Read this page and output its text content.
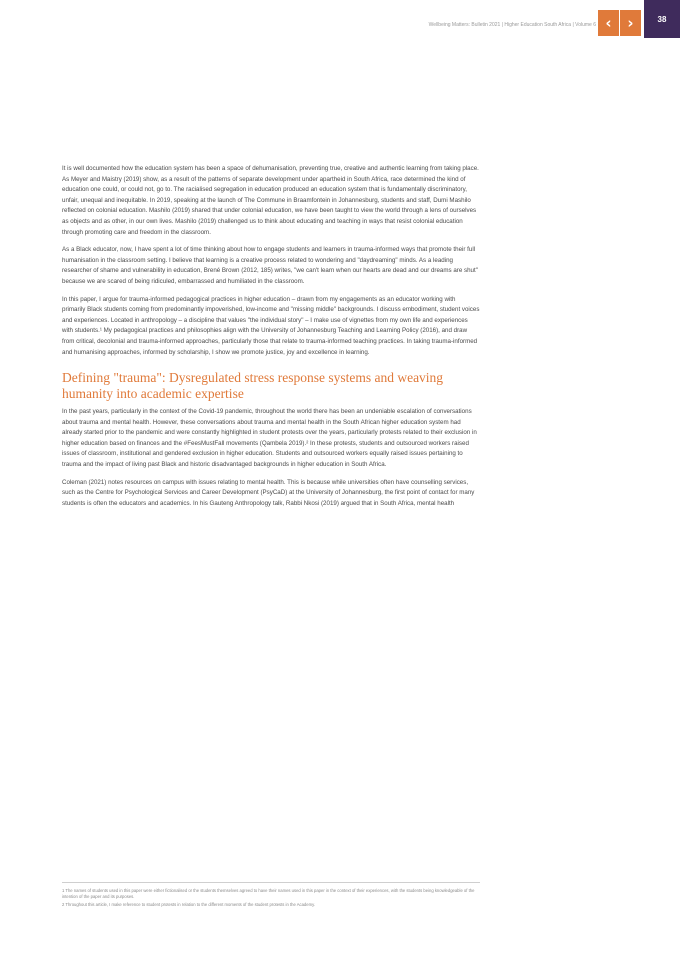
Wellbeing Matters: Bulletin 2021 | Higher Education South Africa | Volume 6 ‹ ›	38

It is well documented how the education system has been a space of dehumanisation, preventing true, creative and authentic learning from taking place. As Meyer and Maistry (2019) show, as a result of the patterns of separate development under apartheid in South Africa, race determined the kind of education one could, or could not, go to. The racialised segregation in education produced an education system that is fundamentally discriminatory, unfair, unequal and inequitable. In 2019, speaking at the launch of The Commune in Braamfontein in Johannesburg, students and staff, Dumi Mashilo reflected on colonial education. Mashilo (2019) shared that under colonial education, we have been taught to view the world through a lens of ourselves as objects and as other, in our own lives. Mashilo (2019) challenged us to think about educating and teaching in ways that resist colonial education through promoting care and freedom in the classroom.

As a Black educator, now, I have spent a lot of time thinking about how to engage students and learners in trauma-informed ways that promote their full humanisation in the classroom setting. I believe that learning is a creative process related to wondering and "daydreaming" minds. As a leading researcher of shame and vulnerability in education, Brené Brown (2012, 185) writes, "we can't learn when our hearts are dead and our dreams are shut" because we are scared of being ridiculed, embarrassed and humiliated in the classroom.

In this paper, I argue for trauma-informed pedagogical practices in higher education – drawn from my engagements as an educator working with primarily Black students coming from predominantly impoverished, low-income and "missing middle" backgrounds. I discuss embodiment, student voices and experiences. Located in anthropology – a discipline that values "the individual story" – I make use of vignettes from my own life and experiences with students.¹ My pedagogical practices and philosophies align with the University of Johannesburg Teaching and Learning Policy (2016), and draw from critical, decolonial and trauma-informed approaches, particularly those that relate to trauma-informed teaching practices. In taking trauma-informed and humanising approaches, informed by scholarship, I show we promote justice, joy and excellence in learning.

Defining "trauma": Dysregulated stress response systems and weaving humanity into academic expertise

In the past years, particularly in the context of the Covid-19 pandemic, throughout the world there has been an undeniable escalation of conversations about trauma and mental health. However, these conversations about trauma and mental health in the South African higher education system had already started prior to the pandemic and were constantly highlighted in student protests over the years, particularly protests related to their exclusion in higher education based on finances and the #FeesMustFall movements (Qambela 2019).² In these protests, students and outsourced workers raised issues of classroom, institutional and gendered exclusion in higher education. Students and outsourced workers equally raised issues pertaining to trauma and the impact of living past Black and historic disadvantaged backgrounds in higher education in South Africa.

Coleman (2021) notes resources on campus with issues relating to mental health. This is because while universities often have counselling services, such as the Centre for Psychological Services and Career Development (PsyCaD) at the University of Johannesburg, the first point of contact for many students is often the educators and academics. In his Gauteng Anthropology talk, Rabbi Nkosi (2019) argued that in South Africa, mental health

1 The names of students used in this paper were either fictionalised or the students themselves agreed to have their names used in this paper in the context of their experiences, with the students being knowledgeable of the intention of the paper and its purposes.

2 Throughout this article, I make reference to student protests in relation to the different moments of the student protests in the Academy.
